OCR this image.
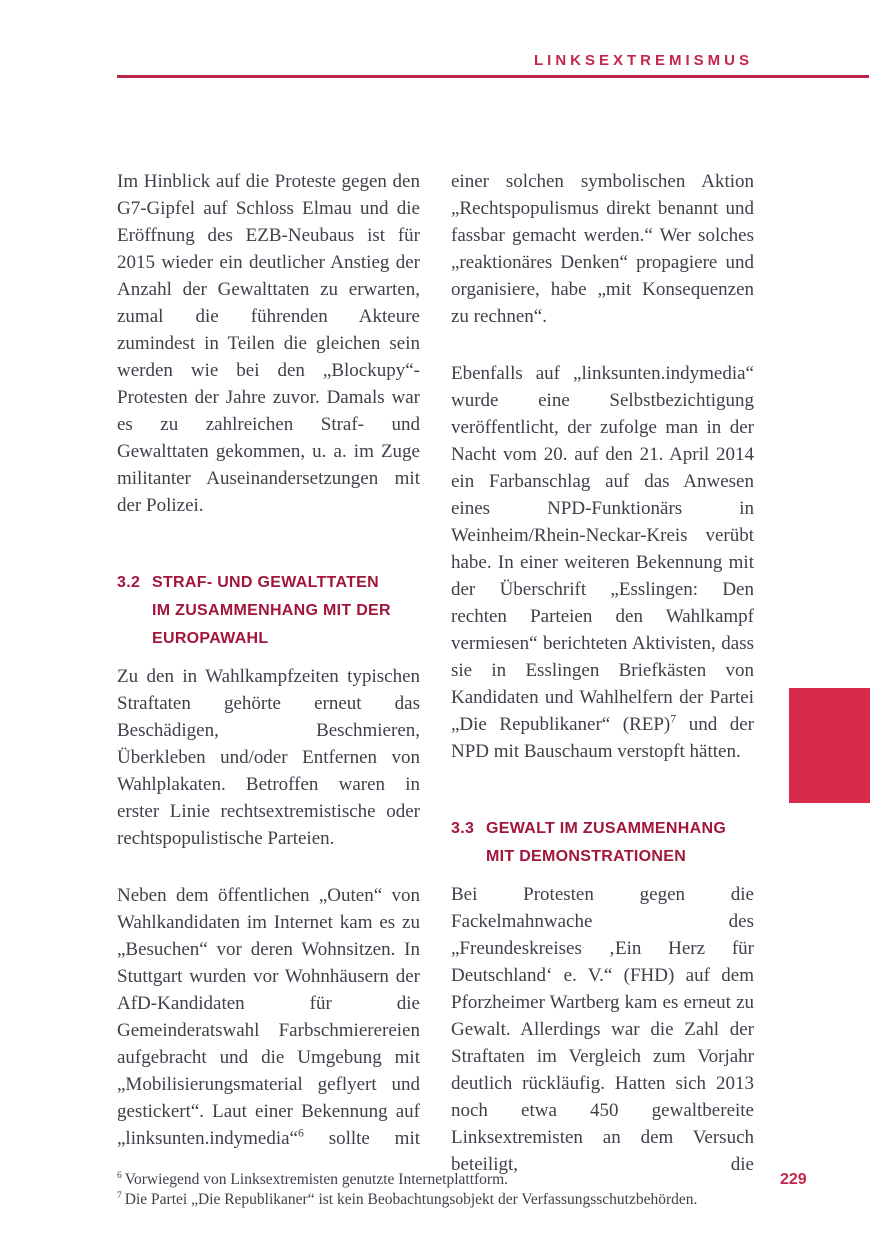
LINKSEXTREMISMUS

Im Hinblick auf die Proteste gegen den G7-Gipfel auf Schloss Elmau und die Eröffnung des EZB-Neubaus ist für 2015 wieder ein deutlicher Anstieg der Anzahl der Gewalttaten zu erwarten, zumal die führenden Akteure zumindest in Teilen die gleichen sein werden wie bei den „Blockupy“-Protesten der Jahre zuvor. Damals war es zu zahlreichen Straf- und Gewalttaten gekommen, u. a. im Zuge militanter Auseinandersetzungen mit der Polizei.

3.2 STRAF- UND GEWALTTATEN
IM ZUSAMMENHANG MIT DER
EUROPAWAHL

Zu den in Wahlkampfzeiten typischen Straftaten gehörte erneut das Beschädigen, Beschmieren, Überkleben und/oder Entfernen von Wahlplakaten. Betroffen waren in erster Linie rechtsextremistische oder rechtspopulistische Parteien.

Neben dem öffentlichen „Outen“ von Wahlkandidaten im Internet kam es zu „Besuchen“ vor deren Wohnsitzen. In Stuttgart wurden vor Wohnhäusern der AfD-Kandidaten für die Gemeinderatswahl Farbschmierereien aufgebracht und die Umgebung mit „Mobilisierungsmaterial geflyert und gestickert“. Laut einer Bekennung auf „linksunten.indymedia“$^6$ sollte mit

einer solchen symbolischen Aktion „Rechtspopulismus direkt benannt und fassbar gemacht werden.“ Wer solches „reaktionäres Denken“ propagiere und organisiere, habe „mit Konsequenzen zu rechnen“.

Ebenfalls auf „linksunten.indymedia“ wurde eine Selbstbezichtigung veröffentlicht, der zufolge man in der Nacht vom 20. auf den 21. April 2014 ein Farbanschlag auf das Anwesen eines NPD-Funktionärs in Weinheim/Rhein-Neckar-Kreis verübt habe. In einer weiteren Bekennung mit der Überschrift „Esslingen: Den rechten Parteien den Wahlkampf vermiesen“ berichteten Aktivisten, dass sie in Esslingen Briefkästen von Kandidaten und Wahlhelfern der Partei „Die Republikaner“ (REP)$^7$ und der NPD mit Bauschaum verstopft hätten.

3.3 GEWALT IM ZUSAMMENHANG
MIT DEMONSTRATIONEN

Bei Protesten gegen die Fackelmahnwache des „Freundeskreises ‚Ein Herz für Deutschland‘ e. V.“ (FHD) auf dem Pforzheimer Wartberg kam es erneut zu Gewalt. Allerdings war die Zahl der Straftaten im Vergleich zum Vorjahr deutlich rückläufig. Hatten sich 2013 noch etwa 450 gewaltbereite Linksextremisten an dem Versuch beteiligt, die

$^6$ Vorwiegend von Linksextremisten genutzte Internetplattform.
$^7$ Die Partei „Die Republikaner“ ist kein Beobachtungsobjekt der Verfassungsschutzbehörden.
229
